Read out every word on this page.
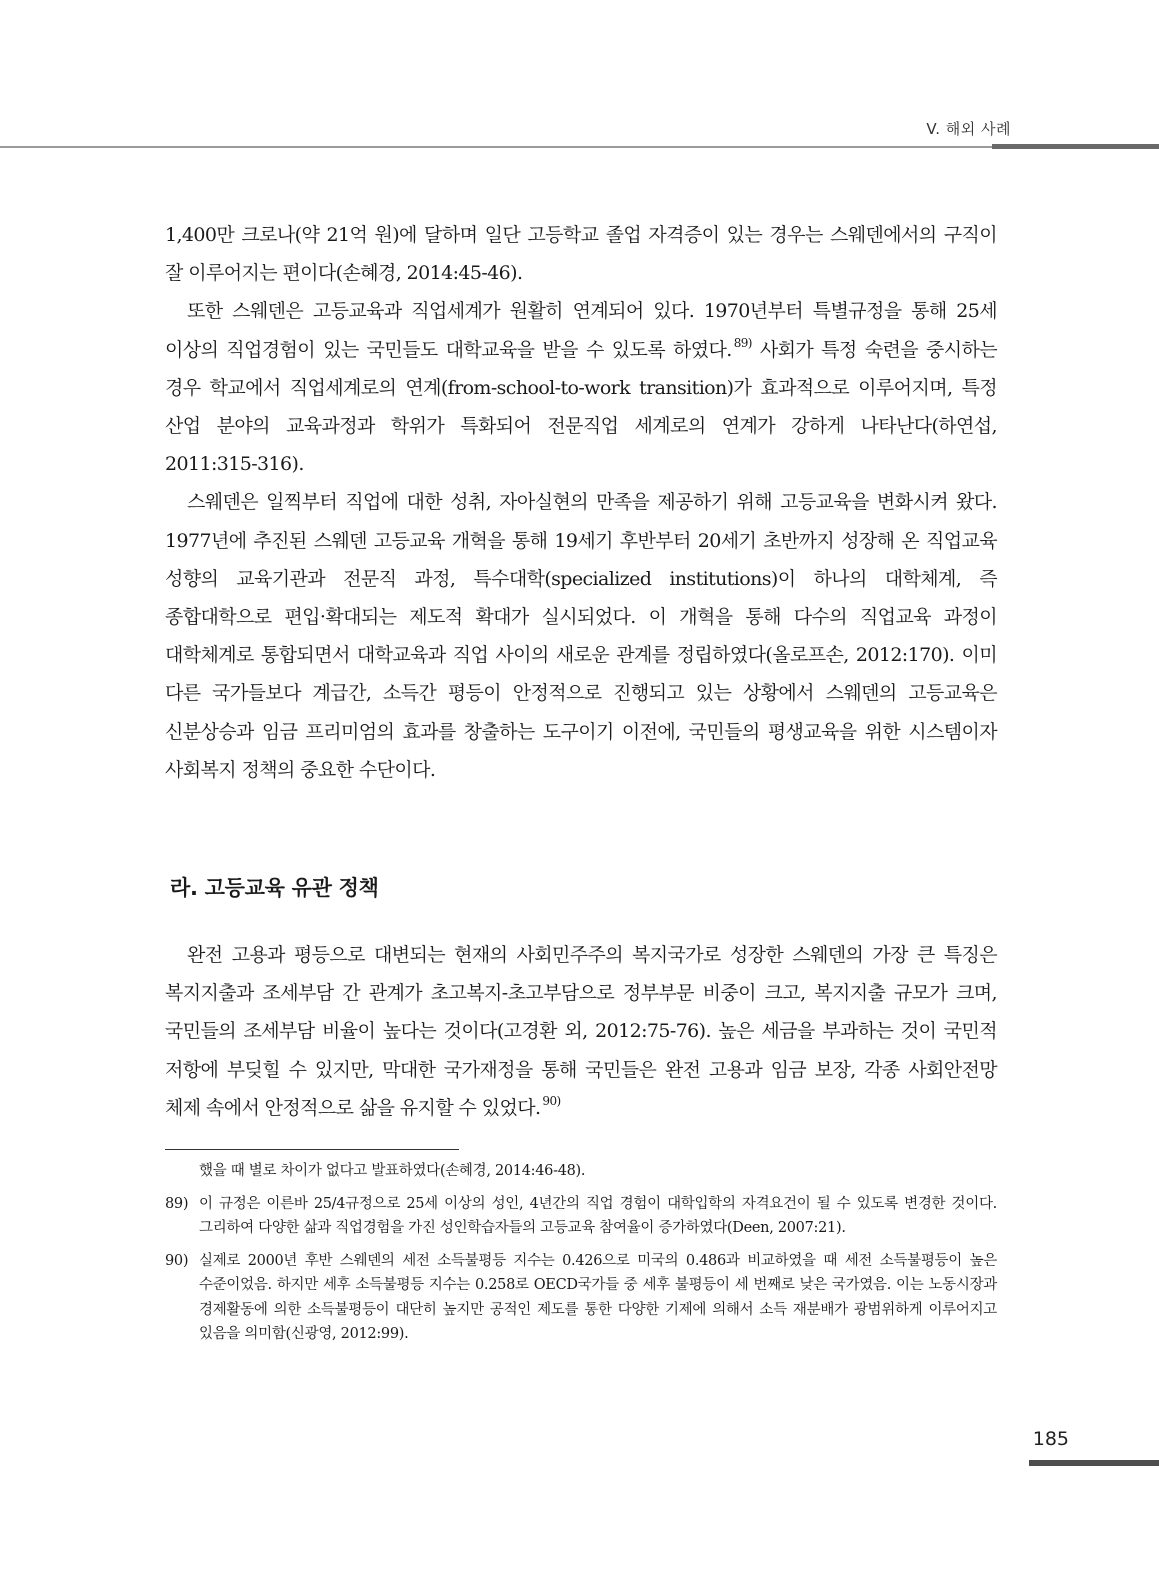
V. 해외 사례

1,400만 크로나(약 21억 원)에 달하며 일단 고등학교 졸업 자격증이 있는 경우는 스웨덴에서의 구직이 잘 이루어지는 편이다(손혜경, 2014:45-46).

또한 스웨덴은 고등교육과 직업세계가 원활히 연계되어 있다. 1970년부터 특별규정을 통해 25세 이상의 직업경험이 있는 국민들도 대학교육을 받을 수 있도록 하였다. $^{89)}$ 사회가 특정 숙련을 중시하는 경우 학교에서 직업세계로의 연계(from-school-to-work transition)가 효과적으로 이루어지며, 특정 산업 분야의 교육과정과 학위가 특화되어 전문직업 세계로의 연계가 강하게 나타난다(하연섭, 2011:315-316).

스웨덴은 일찍부터 직업에 대한 성취, 자아실현의 만족을 제공하기 위해 고등교육을 변화시켜 왔다. 1977년에 추진된 스웨덴 고등교육 개혁을 통해 19세기 후반부터 20세기 초반까지 성장해 온 직업교육 성향의 교육기관과 전문직 과정, 특수대학(specialized institutions)이 하나의 대학체계, 즉 종합대학으로 편입·확대되는 제도적 확대가 실시되었다. 이 개혁을 통해 다수의 직업교육 과정이 대학체계로 통합되면서 대학교육과 직업 사이의 새로운 관계를 정립하였다(올로프손, 2012:170). 이미 다른 국가들보다 계급간, 소득간 평등이 안정적으로 진행되고 있는 상황에서 스웨덴의 고등교육은 신분상승과 임금 프리미엄의 효과를 창출하는 도구이기 이전에, 국민들의 평생교육을 위한 시스템이자 사회복지 정책의 중요한 수단이다.

라. 고등교육 유관 정책

완전 고용과 평등으로 대변되는 현재의 사회민주주의 복지국가로 성장한 스웨덴의 가장 큰 특징은 복지지출과 조세부담 간 관계가 초고복지-초고부담으로 정부부문 비중이 크고, 복지지출 규모가 크며, 국민들의 조세부담 비율이 높다는 것이다(고경환 외, 2012:75-76). 높은 세금을 부과하는 것이 국민적 저항에 부딪힐 수 있지만, 막대한 국가재정을 통해 국민들은 완전 고용과 임금 보장, 각종 사회안전망 체제 속에서 안정적으로 삶을 유지할 수 있었다. $^{90)}$

했을 때 별로 차이가 없다고 발표하였다(손혜경, 2014:46-48).
89) 이 규정은 이른바 25/4규정으로 25세 이상의 성인, 4년간의 직업 경험이 대학입학의 자격요건이 될 수 있도록 변경한 것이다. 그리하여 다양한 삶과 직업경험을 가진 성인학습자들의 고등교육 참여율이 증가하였다(Deen, 2007:21).
90) 실제로 2000년 후반 스웨덴의 세전 소득불평등 지수는 0.426으로 미국의 0.486과 비교하였을 때 세전 소득불평등이 높은 수준이었음. 하지만 세후 소득불평등 지수는 0.258로 OECD국가들 중 세후 불평등이 세 번째로 낮은 국가였음. 이는 노동시장과 경제활동에 의한 소득불평등이 대단히 높지만 공적인 제도를 통한 다양한 기제에 의해서 소득 재분배가 광범위하게 이루어지고 있음을 의미함(신광영, 2012:99).
185
